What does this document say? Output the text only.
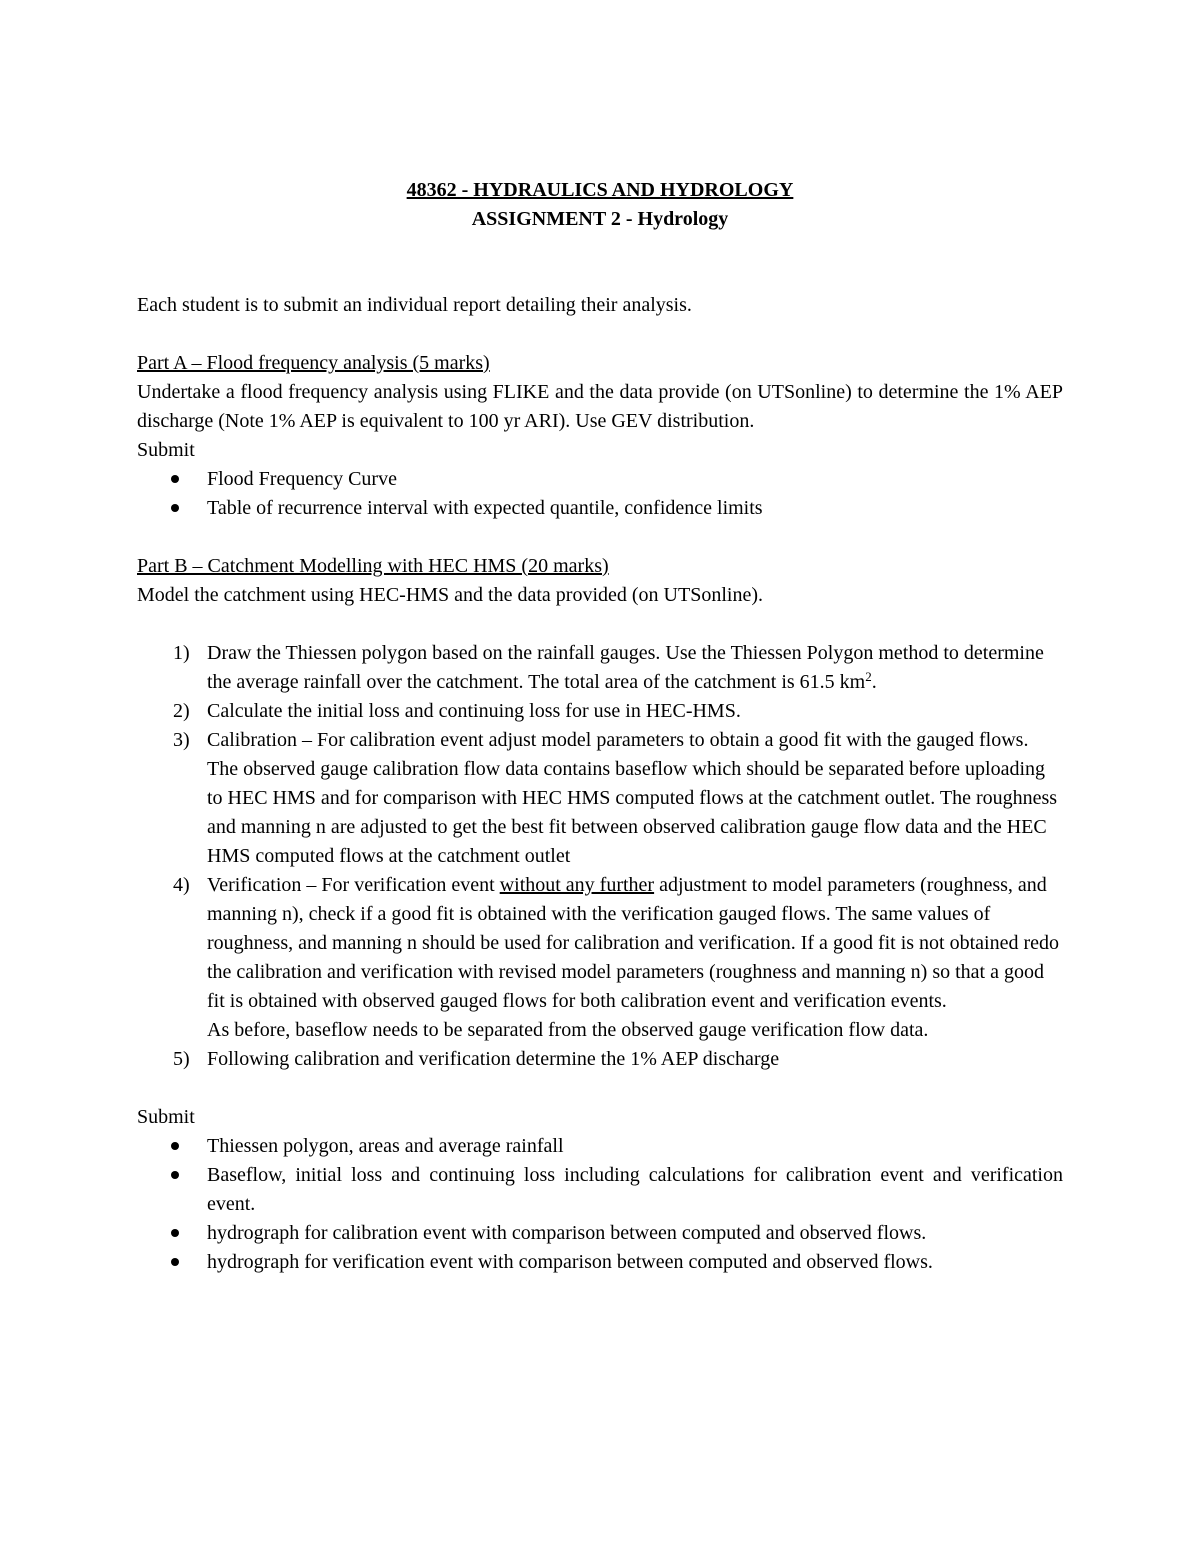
48362 - HYDRAULICS AND HYDROLOGY
ASSIGNMENT 2 - Hydrology

Each student is to submit an individual report detailing their analysis.

Part A – Flood frequency analysis (5 marks)

Undertake a flood frequency analysis using FLIKE and the data provide (on UTSonline) to determine the 1% AEP discharge (Note 1% AEP is equivalent to 100 yr ARI). Use GEV distribution.

Submit

Flood Frequency Curve
Table of recurrence interval with expected quantile, confidence limits

Part B – Catchment Modelling with HEC HMS (20 marks)

Model the catchment using HEC-HMS and the data provided (on UTSonline).

1) Draw the Thiessen polygon based on the rainfall gauges. Use the Thiessen Polygon method to determine the average rainfall over the catchment. The total area of the catchment is 61.5 $km^2$.
2) Calculate the initial loss and continuing loss for use in HEC-HMS.
3) Calibration – For calibration event adjust model parameters to obtain a good fit with the gauged flows. The observed gauge calibration flow data contains baseflow which should be separated before uploading to HEC HMS and for comparison with HEC HMS computed flows at the catchment outlet. The roughness and manning n are adjusted to get the best fit between observed calibration gauge flow data and the HEC HMS computed flows at the catchment outlet
4) Verification – For verification event without any further adjustment to model parameters (roughness, and manning n), check if a good fit is obtained with the verification gauged flows. The same values of roughness, and manning n should be used for calibration and verification. If a good fit is not obtained redo the calibration and verification with revised model parameters (roughness and manning n) so that a good fit is obtained with observed gauged flows for both calibration event and verification events.
As before, baseflow needs to be separated from the observed gauge verification flow data.
5) Following calibration and verification determine the 1% AEP discharge

Submit

Thiessen polygon, areas and average rainfall
Baseflow, initial loss and continuing loss including calculations for calibration event and verification event.
hydrograph for calibration event with comparison between computed and observed flows.
hydrograph for verification event with comparison between computed and observed flows.
